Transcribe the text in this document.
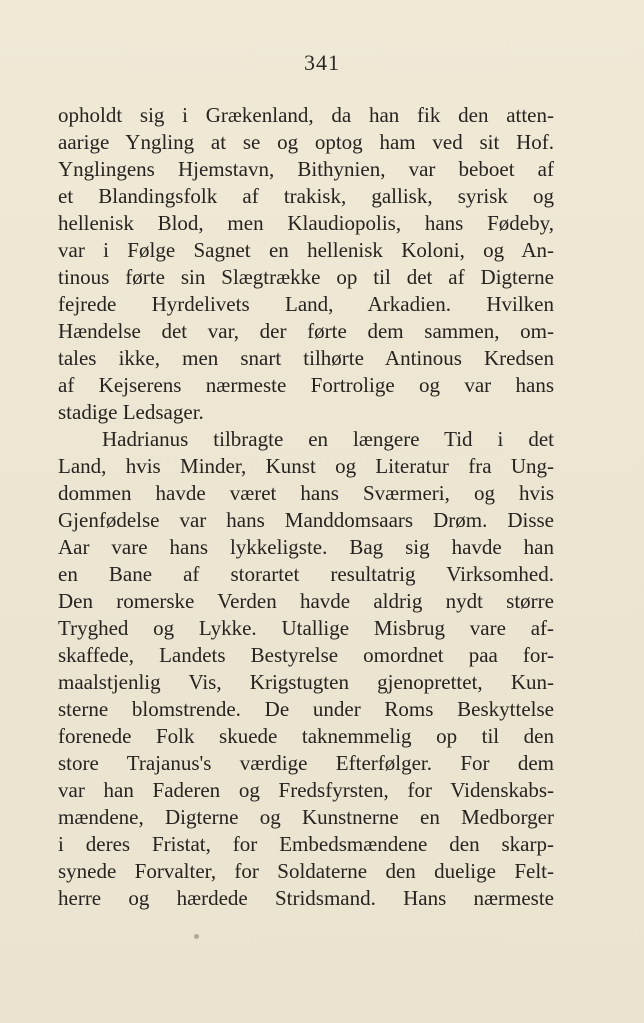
341
opholdt sig i Grækenland, da han fik den atten-
aarige Yngling at se og optog ham ved sit Hof.
Ynglingens Hjemstavn, Bithynien, var beboet af
et Blandingsfolk af trakisk, gallisk, syrisk og
hellenisk Blod, men Klaudiopolis, hans Fødeby,
var i Følge Sagnet en hellenisk Koloni, og An-
tinous førte sin Slægtrække op til det af Digterne
fejrede Hyrdelivets Land, Arkadien. Hvilken
Hændelse det var, der førte dem sammen, om-
tales ikke, men snart tilhørte Antinous Kredsen
af Kejserens nærmeste Fortrolige og var hans
stadige Ledsager.
Hadrianus tilbragte en længere Tid i det
Land, hvis Minder, Kunst og Literatur fra Ung-
dommen havde været hans Sværmeri, og hvis
Gjenfødelse var hans Manddomsaars Drøm. Disse
Aar vare hans lykkeligste. Bag sig havde han
en Bane af storartet resultatrig Virksomhed.
Den romerske Verden havde aldrig nydt større
Tryghed og Lykke. Utallige Misbrug vare af-
skaffede, Landets Bestyrelse omordnet paa for-
maalstjenlig Vis, Krigstugten gjenoprettet, Kun-
sterne blomstrende. De under Roms Beskyttelse
forenede Folk skuede taknemmelig op til den
store Trajanus's værdige Efterfølger. For dem
var han Faderen og Fredsfyrsten, for Videnskabs-
mændene, Digterne og Kunstnerne en Medborger
i deres Fristat, for Embedsmændene den skarp-
synede Forvalter, for Soldaterne den duelige Felt-
herre og hærdede Stridsmand. Hans nærmeste
